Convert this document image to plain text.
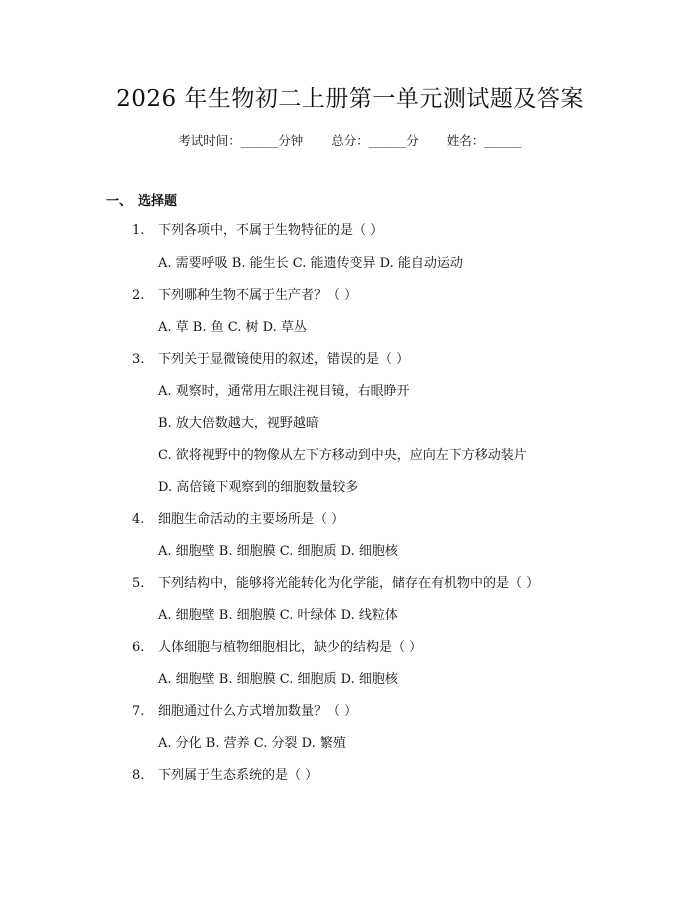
2026 年生物初二上册第一单元测试题及答案
考试时间：______分钟 总分：______分 姓名：______
一、 选择题
1. 下列各项中，不属于生物特征的是（ ）
A. 需要呼吸 B. 能生长 C. 能遗传变异 D. 能自动运动
2. 下列哪种生物不属于生产者？（ ）
A. 草 B. 鱼 C. 树 D. 草丛
3. 下列关于显微镜使用的叙述，错误的是（ ）
A. 观察时，通常用左眼注视目镜，右眼睁开
B. 放大倍数越大，视野越暗
C. 欲将视野中的物像从左下方移动到中央，应向左下方移动装片
D. 高倍镜下观察到的细胞数量较多
4. 细胞生命活动的主要场所是（ ）
A. 细胞壁 B. 细胞膜 C. 细胞质 D. 细胞核
5. 下列结构中，能够将光能转化为化学能，储存在有机物中的是（ ）
A. 细胞壁 B. 细胞膜 C. 叶绿体 D. 线粒体
6. 人体细胞与植物细胞相比，缺少的结构是（ ）
A. 细胞壁 B. 细胞膜 C. 细胞质 D. 细胞核
7. 细胞通过什么方式增加数量？（ ）
A. 分化 B. 营养 C. 分裂 D. 繁殖
8. 下列属于生态系统的是（ ）
